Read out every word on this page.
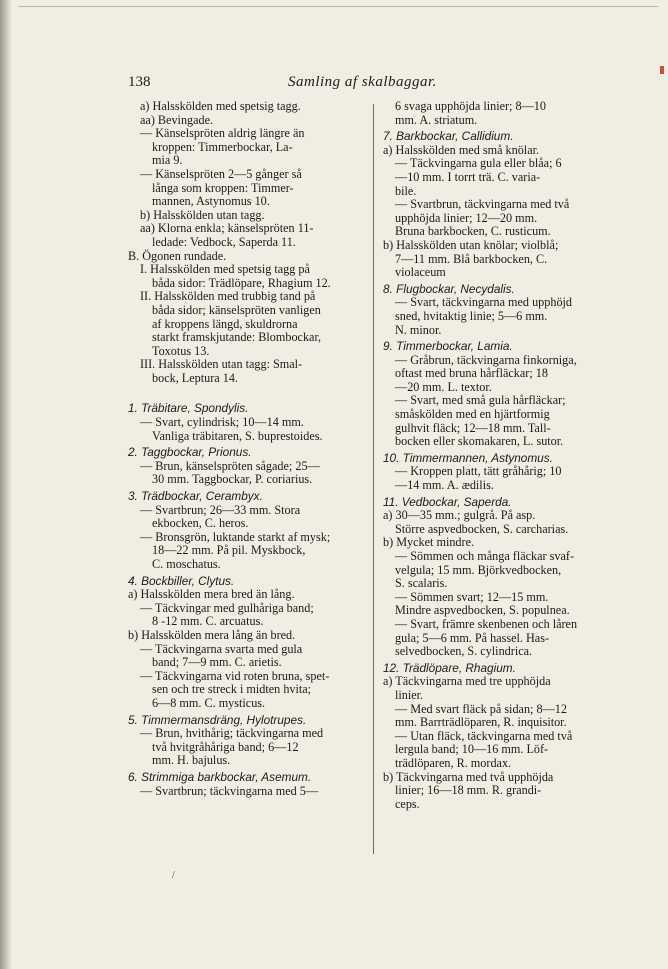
138	Samling af skalbaggar.
a) Halsskölden med spetsig tagg.
aa) Bevingade.
— Känselspröten aldrig längre än
kroppen: Timmerbockar, La-
mia 9.
— Känselspröten 2—5 gånger så
långa som kroppen: Timmer-
mannen, Astynomus 10.
b) Halsskölden utan tagg.
aa) Klorna enkla; känselspröten 11-
ledade: Vedbock, Saperda 11.
B. Ögonen rundade.
I. Halsskölden med spetsig tagg på
båda sidor: Trädlöpare, Rhagium 12.
II. Halsskölden med trubbig tand på
båda sidor; känselspröten vanligen
af kroppens längd, skuldrorna
starkt framskjutande: Blombockar,
Toxotus 13.
III. Halsskölden utan tagg: Smal-
bock, Leptura 14.
1. Träbitare, Spondylis.
— Svart, cylindrisk; 10—14 mm.
Vanliga träbitaren, S. buprestoides.
2. Taggbockar, Prionus.
— Brun, känselspröten sågade; 25—
30 mm. Taggbockar, P. coriarius.
3. Trädbockar, Cerambyx.
— Svartbrun; 26—33 mm. Stora
ekbocken, C. heros.
— Bronsgrön, luktande starkt af mysk;
18—22 mm. På pil. Myskbock,
C. moschatus.
4. Bockbiller, Clytus.
a) Halsskölden mera bred än lång.
— Täckvingar med gulhåriga band;
8 -12 mm. C. arcuatus.
b) Halsskölden mera lång än bred.
— Täckvingarna svarta med gula
band; 7—9 mm. C. arietis.
— Täckvingarna vid roten bruna, spet-
sen och tre streck i midten hvita;
6—8 mm. C. mysticus.
5. Timmermansdräng, Hylotrupes.
— Brun, hvithårig; täckvingarna med
två hvitgråhåriga band; 6—12
mm. H. bajulus.
6. Strimmiga barkbockar, Asemum.
— Svartbrun; täckvingarna med 5—
6 svaga upphöjda linier; 8—10
mm. A. striatum.
7. Barkbockar, Callidium.
a) Halsskölden med små knölar.
— Täckvingarna gula eller blåa; 6
—10 mm. I torrt trä. C. varia-
bile.
— Svartbrun, täckvingarna med två
upphöjda linier; 12—20 mm.
Bruna barkbocken, C. rusticum.
b) Halsskölden utan knölar; violblå;
7—11 mm. Blå barkbocken, C.
violaceum
8. Flugbockar, Necydalis.
— Svart, täckvingarna med upphöjd
sned, hvitaktig linie; 5—6 mm.
N. minor.
9. Timmerbockar, Lamia.
— Gråbrun, täckvingarna finkorniga,
oftast med bruna hårfläckar; 18
—20 mm. L. textor.
— Svart, med små gula hårfläckar;
småskölden med en hjärtformig
gulhvit fläck; 12—18 mm. Tall-
bocken eller skomakaren, L. sutor.
10. Timmermannen, Astynomus.
— Kroppen platt, tätt gråhårig; 10
—14 mm. A. ædilis.
11. Vedbockar, Saperda.
a) 30—35 mm.; gulgrå. På asp.
Större aspvedbocken, S. carcharias.
b) Mycket mindre.
— Sömmen och många fläckar svaf-
velgula; 15 mm. Björkvedbocken,
S. scalaris.
— Sömmen svart; 12—15 mm.
Mindre aspvedbocken, S. populnea.
— Svart, främre skenbenen och låren
gula; 5—6 mm. På hassel. Has-
selvedbocken, S. cylindrica.
12. Trädlöpare, Rhagium.
a) Täckvingarna med tre upphöjda
linier.
— Med svart fläck på sidan; 8—12
mm. Barrträdlöparen, R. inquisitor.
— Utan fläck, täckvingarna med två
lergula band; 10—16 mm. Löf-
trädlöparen, R. mordax.
b) Täckvingarna med två upphöjda
linier; 16—18 mm. R. grandi-
ceps.
/
